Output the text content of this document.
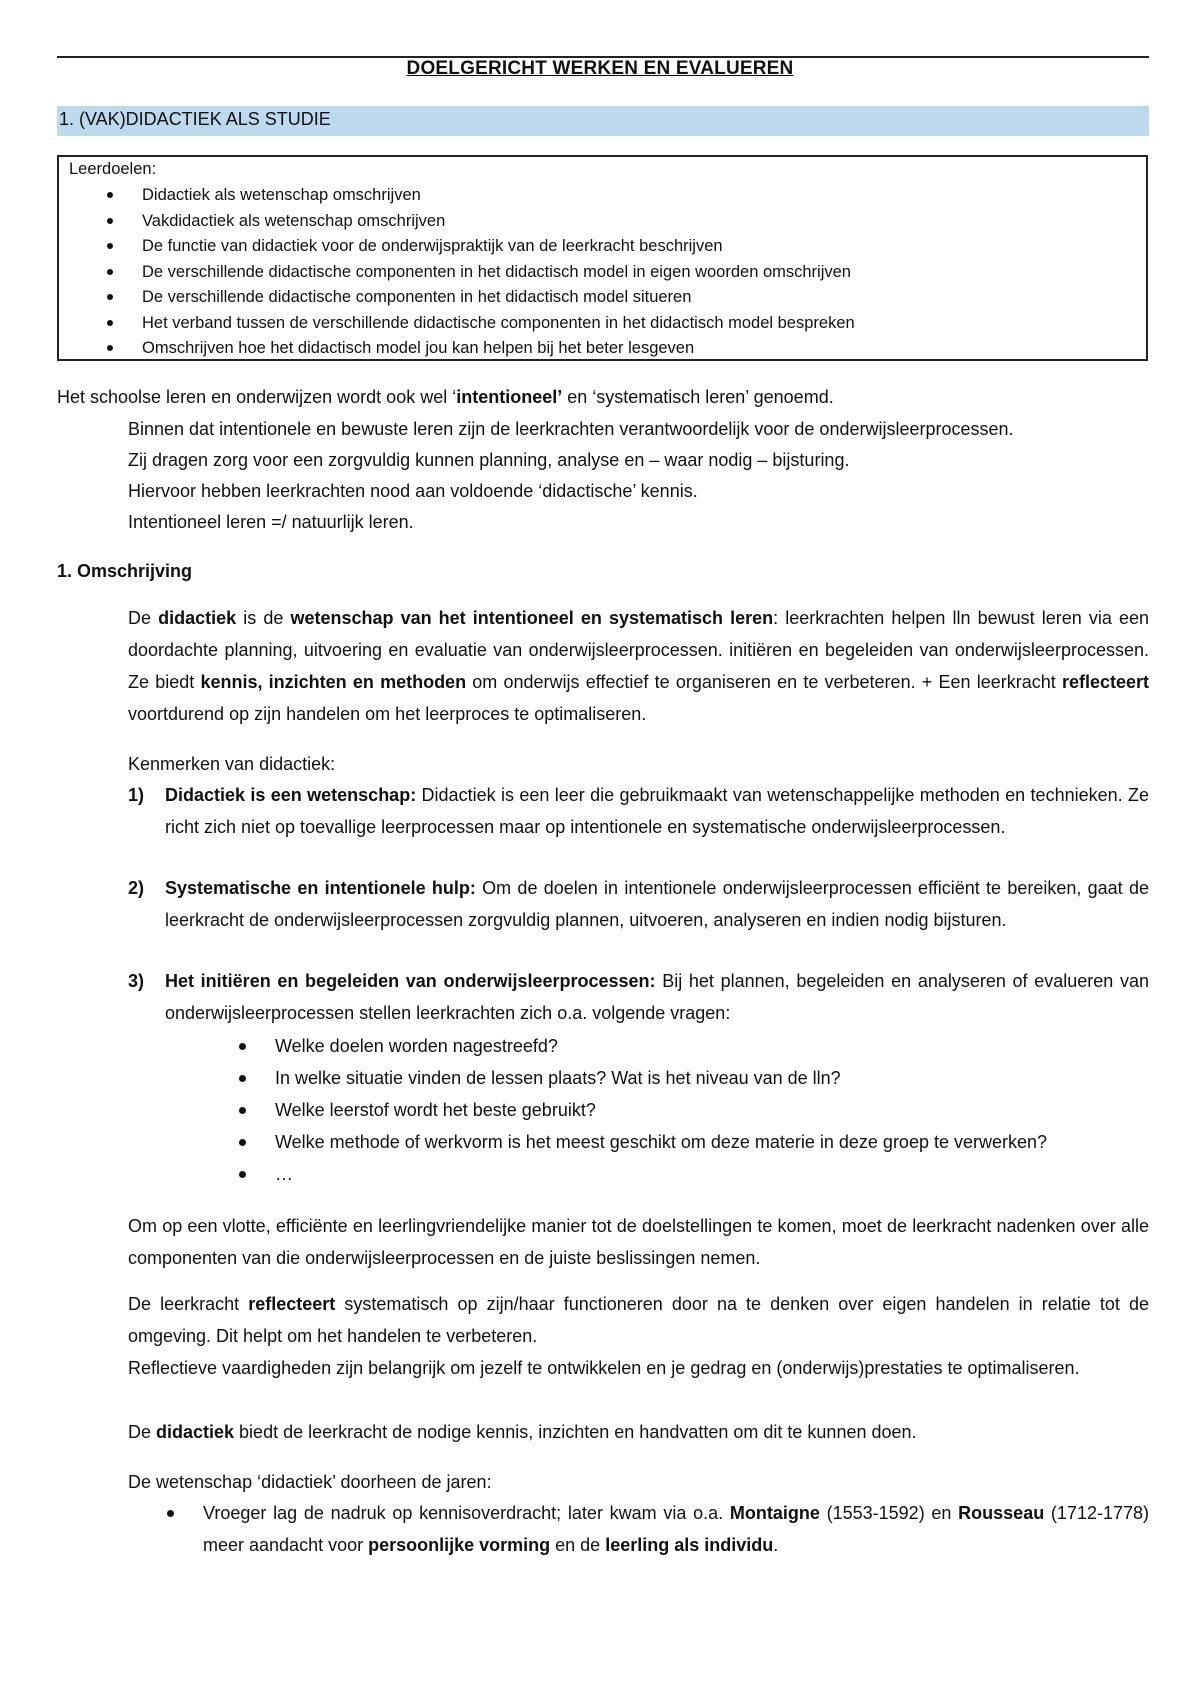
DOELGERICHT WERKEN EN EVALUEREN
1. (VAK)DIDACTIEK ALS STUDIE
Leerdoelen:
Didactiek als wetenschap omschrijven
Vakdidactiek als wetenschap omschrijven
De functie van didactiek voor de onderwijspraktijk van de leerkracht beschrijven
De verschillende didactische componenten in het didactisch model in eigen woorden omschrijven
De verschillende didactische componenten in het didactisch model situeren
Het verband tussen de verschillende didactische componenten in het didactisch model bespreken
Omschrijven hoe het didactisch model jou kan helpen bij het beter lesgeven
Het schoolse leren en onderwijzen wordt ook wel ‘intentioneel’ en ‘systematisch leren’ genoemd.
Binnen dat intentionele en bewuste leren zijn de leerkrachten verantwoordelijk voor de onderwijsleerprocessen.
Zij dragen zorg voor een zorgvuldig kunnen planning, analyse en – waar nodig – bijsturing.
Hiervoor hebben leerkrachten nood aan voldoende ‘didactische’ kennis.
Intentioneel leren =/ natuurlijk leren.
1. Omschrijving
De didactiek is de wetenschap van het intentioneel en systematisch leren: leerkrachten helpen lln bewust leren via een doordachte planning, uitvoering en evaluatie van onderwijsleerprocessen. initiëren en begeleiden van onderwijsleerprocessen. Ze biedt kennis, inzichten en methoden om onderwijs effectief te organiseren en te verbeteren. + Een leerkracht reflecteert voortdurend op zijn handelen om het leerproces te optimaliseren.
Kenmerken van didactiek:
1) Didactiek is een wetenschap: Didactiek is een leer die gebruikmaakt van wetenschappelijke methoden en technieken. Ze richt zich niet op toevallige leerprocessen maar op intentionele en systematische onderwijsleerprocessen.
2) Systematische en intentionele hulp: Om de doelen in intentionele onderwijsleerprocessen efficiënt te bereiken, gaat de leerkracht de onderwijsleerprocessen zorgvuldig plannen, uitvoeren, analyseren en indien nodig bijsturen.
3) Het initiëren en begeleiden van onderwijsleerprocessen: Bij het plannen, begeleiden en analyseren of evalueren van onderwijsleerprocessen stellen leerkrachten zich o.a. volgende vragen:
Welke doelen worden nagestreefd?
In welke situatie vinden de lessen plaats? Wat is het niveau van de lln?
Welke leerstof wordt het beste gebruikt?
Welke methode of werkvorm is het meest geschikt om deze materie in deze groep te verwerken?
…
Om op een vlotte, efficiënte en leerlingvriendelijke manier tot de doelstellingen te komen, moet de leerkracht nadenken over alle componenten van die onderwijsleerprocessen en de juiste beslissingen nemen.
De leerkracht reflecteert systematisch op zijn/haar functioneren door na te denken over eigen handelen in relatie tot de omgeving. Dit helpt om het handelen te verbeteren.
Reflectieve vaardigheden zijn belangrijk om jezelf te ontwikkelen en je gedrag en (onderwijs)prestaties te optimaliseren.
De didactiek biedt de leerkracht de nodige kennis, inzichten en handvatten om dit te kunnen doen.
De wetenschap ‘didactiek’ doorheen de jaren:
Vroeger lag de nadruk op kennisoverdracht; later kwam via o.a. Montaigne (1553-1592) en Rousseau (1712-1778) meer aandacht voor persoonlijke vorming en de leerling als individu.
